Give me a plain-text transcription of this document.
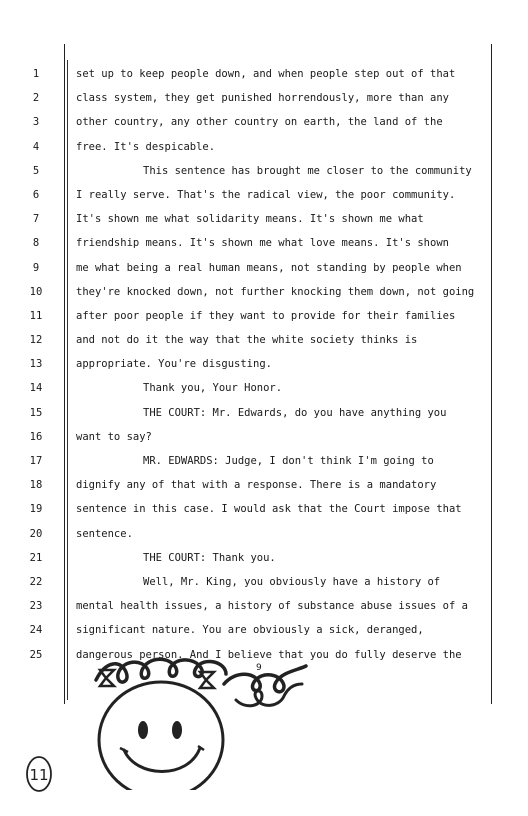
1	set up to keep people down, and when people step out of that
2	class system, they get punished horrendously, more than any
3	other country, any other country on earth, the land of the
4	free. It's despicable.
5	This sentence has brought me closer to the community
6	I really serve. That's the radical view, the poor community.
7	It's shown me what solidarity means. It's shown me what
8	friendship means. It's shown me what love means. It's shown
9	me what being a real human means, not standing by people when
10	they're knocked down, not further knocking them down, not going
11	after poor people if they want to provide for their families
12	and not do it the way that the white society thinks is
13	appropriate. You're disgusting.
14	Thank you, Your Honor.
15	THE COURT: Mr. Edwards, do you have anything you
16	want to say?
17	MR. EDWARDS: Judge, I don't think I'm going to
18	dignify any of that with a response. There is a mandatory
19	sentence in this case. I would ask that the Court impose that
20	sentence.
21	THE COURT: Thank you.
22	Well, Mr. King, you obviously have a history of
23	mental health issues, a history of substance abuse issues of a
24	significant nature. You are obviously a sick, deranged,
25	dangerous person. And I believe that you do fully deserve the
9
11
